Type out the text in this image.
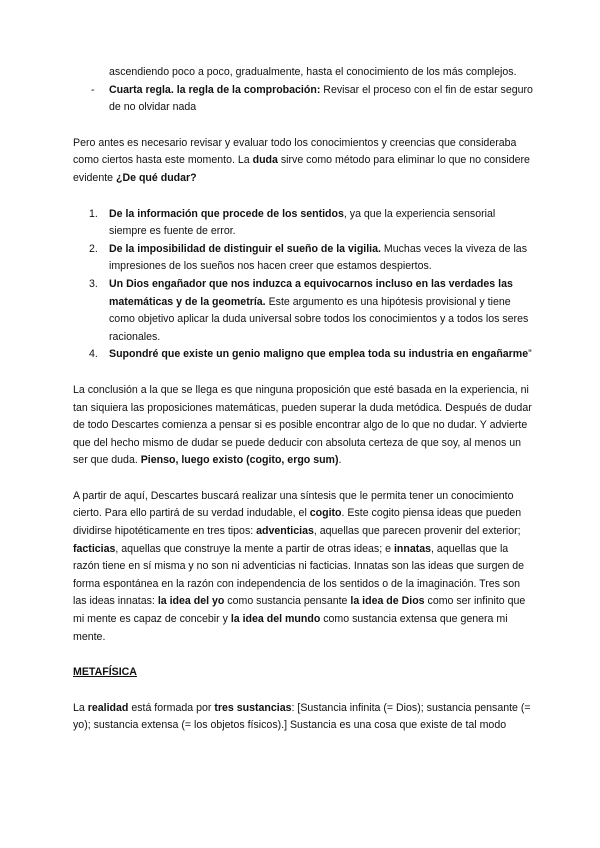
ascendiendo poco a poco, gradualmente, hasta el conocimiento de los más complejos.

- Cuarta regla. la regla de la comprobación: Revisar el proceso con el fin de estar seguro de no olvidar nada

Pero antes es necesario revisar y evaluar todo los conocimientos y creencias que consideraba como ciertos hasta este momento. La duda sirve como método para eliminar lo que no considere evidente ¿De qué dudar?

1. De la información que procede de los sentidos, ya que la experiencia sensorial siempre es fuente de error.
2. De la imposibilidad de distinguir el sueño de la vigilia. Muchas veces la viveza de las impresiones de los sueños nos hacen creer que estamos despiertos.
3. Un Dios engañador que nos induzca a equivocarnos incluso en las verdades las matemáticas y de la geometría. Este argumento es una hipótesis provisional y tiene como objetivo aplicar la duda universal sobre todos los conocimientos y a todos los seres racionales.
4. Supondré que existe un genio maligno que emplea toda su industria en engañarme”

La conclusión a la que se llega es que ninguna proposición que esté basada en la experiencia, ni tan siquiera las proposiciones matemáticas, pueden superar la duda metódica. Después de dudar de todo Descartes comienza a pensar si es posible encontrar algo de lo que no dudar. Y advierte que del hecho mismo de dudar se puede deducir con absoluta certeza de que soy, al menos un ser que duda. Pienso, luego existo (cogito, ergo sum).

A partir de aquí, Descartes buscará realizar una síntesis que le permita tener un conocimiento cierto. Para ello partirá de su verdad indudable, el cogito. Este cogito piensa ideas que pueden dividirse hipotéticamente en tres tipos: adventicias, aquellas que parecen provenir del exterior; facticias, aquellas que construye la mente a partir de otras ideas; e innatas, aquellas que la razón tiene en sí misma y no son ni adventicias ni facticias. Innatas son las ideas que surgen de forma espontánea en la razón con independencia de los sentidos o de la imaginación. Tres son las ideas innatas: la idea del yo como sustancia pensante la idea de Dios como ser infinito que mi mente es capaz de concebir y la idea del mundo como sustancia extensa que genera mi mente.

METAFÍSICA

La realidad está formada por tres sustancias: [Sustancia infinita (= Dios); sustancia pensante (= yo); sustancia extensa (= los objetos físicos).] Sustancia es una cosa que existe de tal modo
